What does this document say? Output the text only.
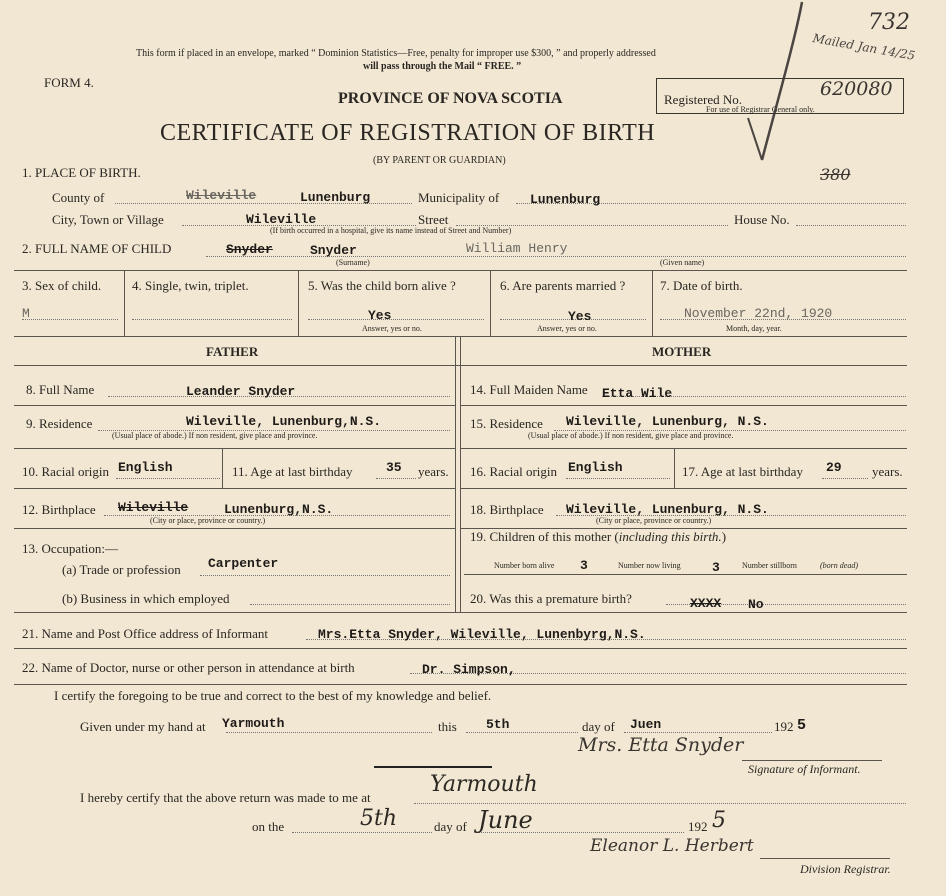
732
Mailed Jan 14/25
This form if placed in an envelope, marked “ Dominion Statistics—Free, penalty for improper use $300, ” and properly addressed
will pass through the Mail “ FREE. ”
FORM 4.
PROVINCE OF NOVA SCOTIA
CERTIFICATE OF REGISTRATION OF BIRTH
(BY PARENT OR GUARDIAN)
Registered No.	620080
For use of Registrar General only.
380
1. PLACE OF BIRTH.
County of	Wileville	Lunenburg	Municipality of Lunenburg
City, Town or Village	Wileville	Street
(If birth occurred in a hospital, give its name instead of Street and Number)
House No.
2. FULL NAME OF CHILD	Snyder	Snyder
(Surname)
William Henry
(Given name)
3. Sex of child.
M
4. Single, twin, triplet.	5. Was the child born alive ?
Yes
Answer, yes or no.
6. Are parents married ?
Yes
Answer, yes or no.
7. Date of birth.
November 22nd, 1920
Month, day, year.
FATHER	MOTHER
8. Full Name	Leander Snyder
9. Residence	Wileville, Lunenburg,N.S.
(Usual place of abode.) If non resident, give place and province.
10. Racial origin English	11. Age at last birthday	35 years.
12. Birthplace Wileville	Lunenburg,N.S.
(City or place, province or country.)
13. Occupation:—
(a) Trade or profession Carpenter
(b) Business in which employed
14. Full Maiden Name Etta Wile
15. Residence Wileville, Lunenburg, N.S.
(Usual place of abode.) If non resident, give place and province.
16. Racial origin English	17. Age at last birthday 29 years.
18. Birthplace Wileville, Lunenburg, N.S.
(City or place, province or country.)
19. Children of this mother (including this birth.)
Number born alive 3	Number now living 3	Number stillborn	(born dead)
20. Was this a premature birth?	XXXX No
21. Name and Post Office address of Informant	Mrs.Etta Snyder, Wileville, Lunenbyrg,N.S.
22. Name of Doctor, nurse or other person in attendance at birth	Dr. Simpson,
I certify the foregoing to be true and correct to the best of my knowledge and belief.
Given under my hand at Yarmouth	this 5th	day of Juen	192 5
Mrs. Etta Snyder
Signature of Informant.
I hereby certify that the above return was made to me at
Yarmouth
on the	5th	day of June	192 5
Eleanor L. Herbert
Division Registrar.
